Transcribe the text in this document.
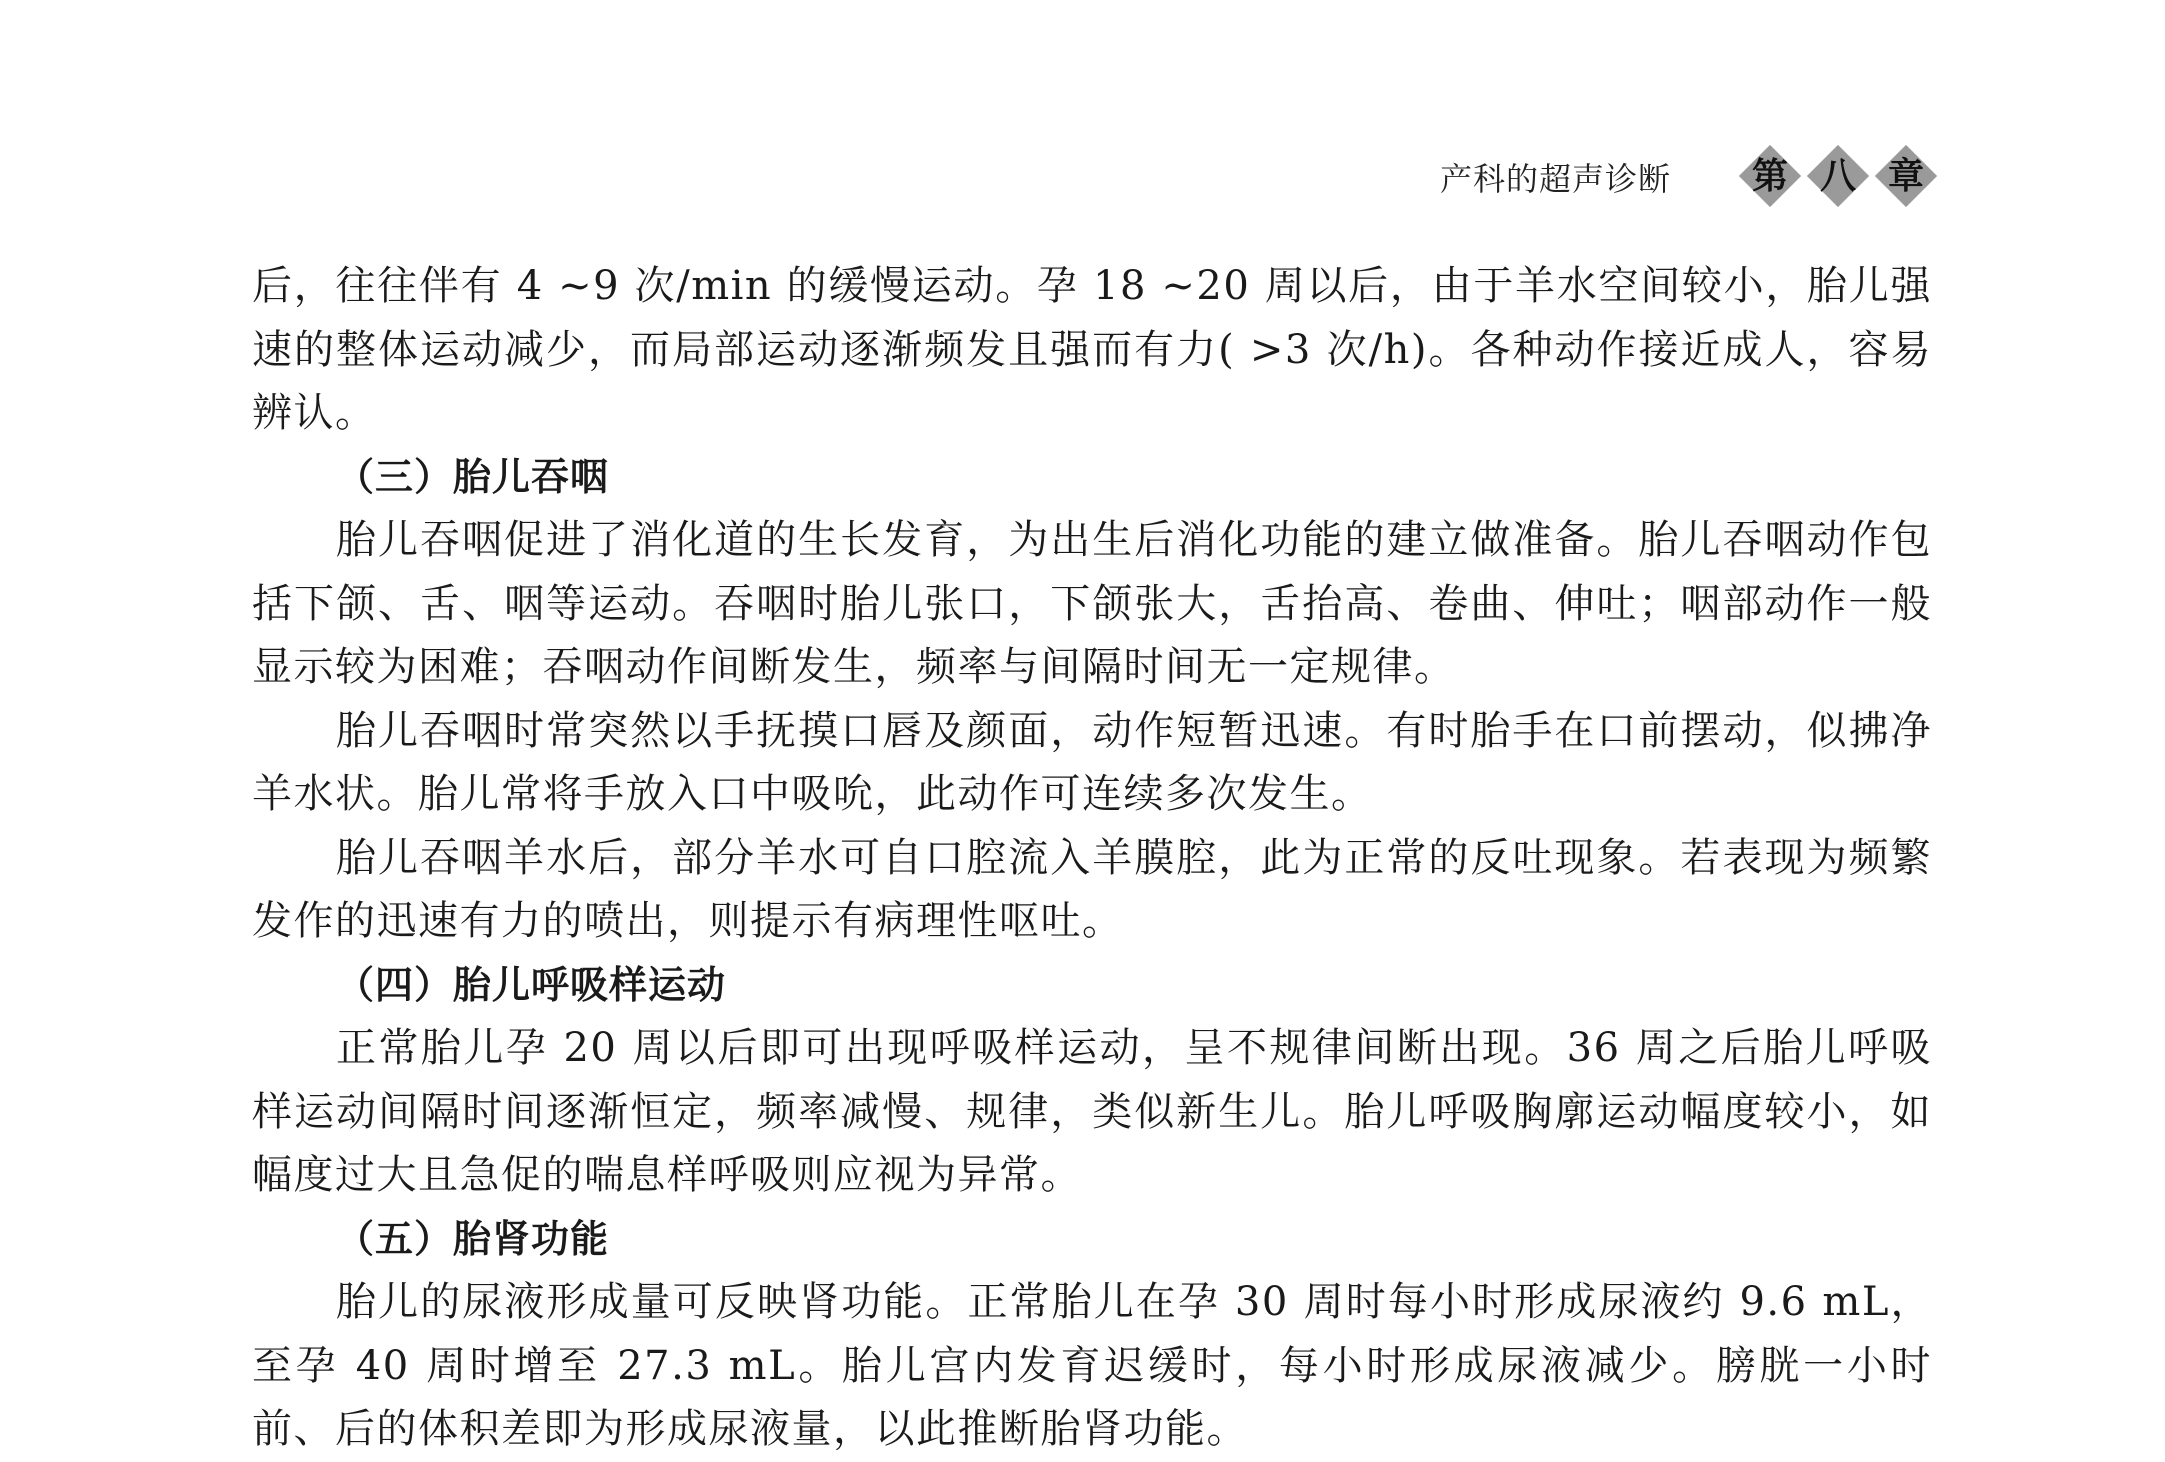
产科的超声诊断	第 八 章

后，往往伴有 4 ~9 次/min 的缓慢运动。孕 18 ~20 周以后，由于羊水空间较小，胎儿强速的整体运动减少，而局部运动逐渐频发且强而有力( >3 次/h)。各种动作接近成人，容易辨认。

（三）胎儿吞咽

胎儿吞咽促进了消化道的生长发育，为出生后消化功能的建立做准备。胎儿吞咽动作包括下颌、舌、咽等运动。吞咽时胎儿张口，下颌张大，舌抬高、卷曲、伸吐；咽部动作一般显示较为困难；吞咽动作间断发生，频率与间隔时间无一定规律。

胎儿吞咽时常突然以手抚摸口唇及颜面，动作短暂迅速。有时胎手在口前摆动，似拂净羊水状。胎儿常将手放入口中吸吮，此动作可连续多次发生。

胎儿吞咽羊水后，部分羊水可自口腔流入羊膜腔，此为正常的反吐现象。若表现为频繁发作的迅速有力的喷出，则提示有病理性呕吐。

（四）胎儿呼吸样运动

正常胎儿孕 20 周以后即可出现呼吸样运动，呈不规律间断出现。36 周之后胎儿呼吸样运动间隔时间逐渐恒定，频率减慢、规律，类似新生儿。胎儿呼吸胸廓运动幅度较小，如幅度过大且急促的喘息样呼吸则应视为异常。

（五）胎肾功能

胎儿的尿液形成量可反映肾功能。正常胎儿在孕 30 周时每小时形成尿液约 9.6 mL，至孕 40 周时增至 27.3 mL。胎儿宫内发育迟缓时，每小时形成尿液减少。膀胱一小时前、后的体积差即为形成尿液量，以此推断胎肾功能。
